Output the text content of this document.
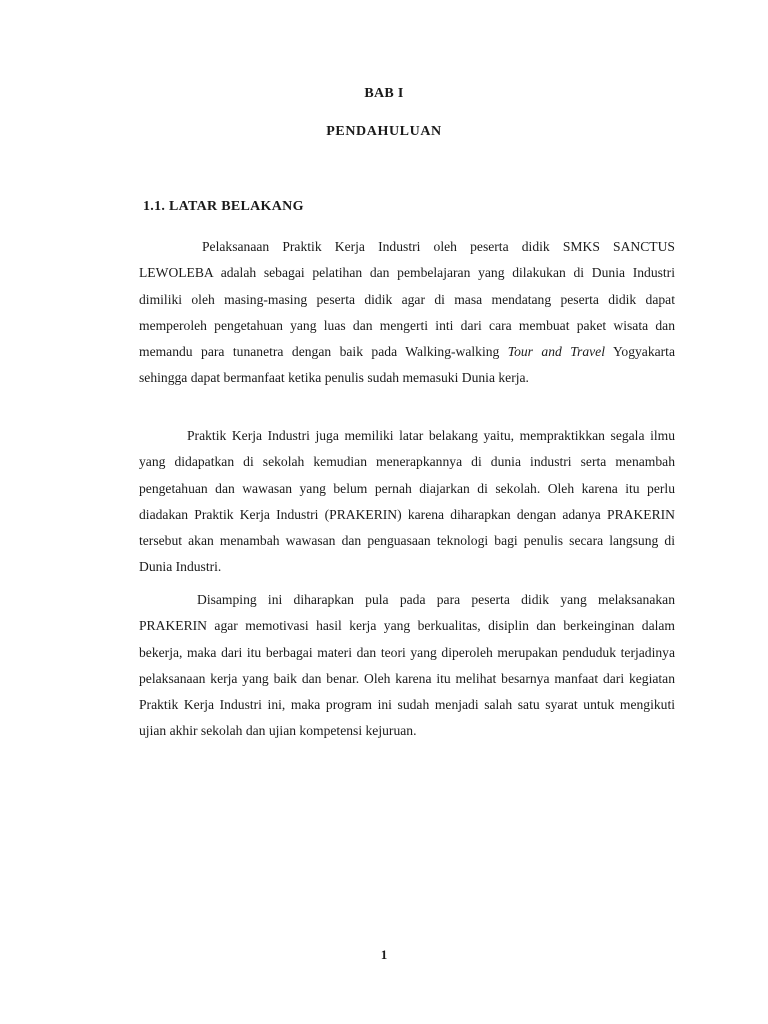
BAB I
PENDAHULUAN
1.1. LATAR BELAKANG

Pelaksanaan Praktik Kerja Industri oleh peserta didik SMKS SANCTUS LEWOLEBA adalah sebagai pelatihan dan pembelajaran yang dilakukan di Dunia Industri dimiliki oleh masing-masing peserta didik agar di masa mendatang peserta didik dapat memperoleh pengetahuan yang luas dan mengerti inti dari cara membuat paket wisata dan memandu para tunanetra dengan baik pada Walking-walking Tour and Travel Yogyakarta sehingga dapat bermanfaat ketika penulis sudah memasuki Dunia kerja.

Praktik Kerja Industri juga memiliki latar belakang yaitu, mempraktikkan segala ilmu yang didapatkan di sekolah kemudian menerapkannya di dunia industri serta menambah pengetahuan dan wawasan yang belum pernah diajarkan di sekolah. Oleh karena itu perlu diadakan Praktik Kerja Industri (PRAKERIN) karena diharapkan dengan adanya PRAKERIN tersebut akan menambah wawasan dan penguasaan teknologi bagi penulis secara langsung di Dunia Industri.

Disamping ini diharapkan pula pada para peserta didik yang melaksanakan PRAKERIN agar memotivasi hasil kerja yang berkualitas, disiplin dan berkeinginan dalam bekerja, maka dari itu berbagai materi dan teori yang diperoleh merupakan penduduk terjadinya pelaksanaan kerja yang baik dan benar. Oleh karena itu melihat besarnya manfaat dari kegiatan Praktik Kerja Industri ini, maka program ini sudah menjadi salah satu syarat untuk mengikuti ujian akhir sekolah dan ujian kompetensi kejuruan.

1
